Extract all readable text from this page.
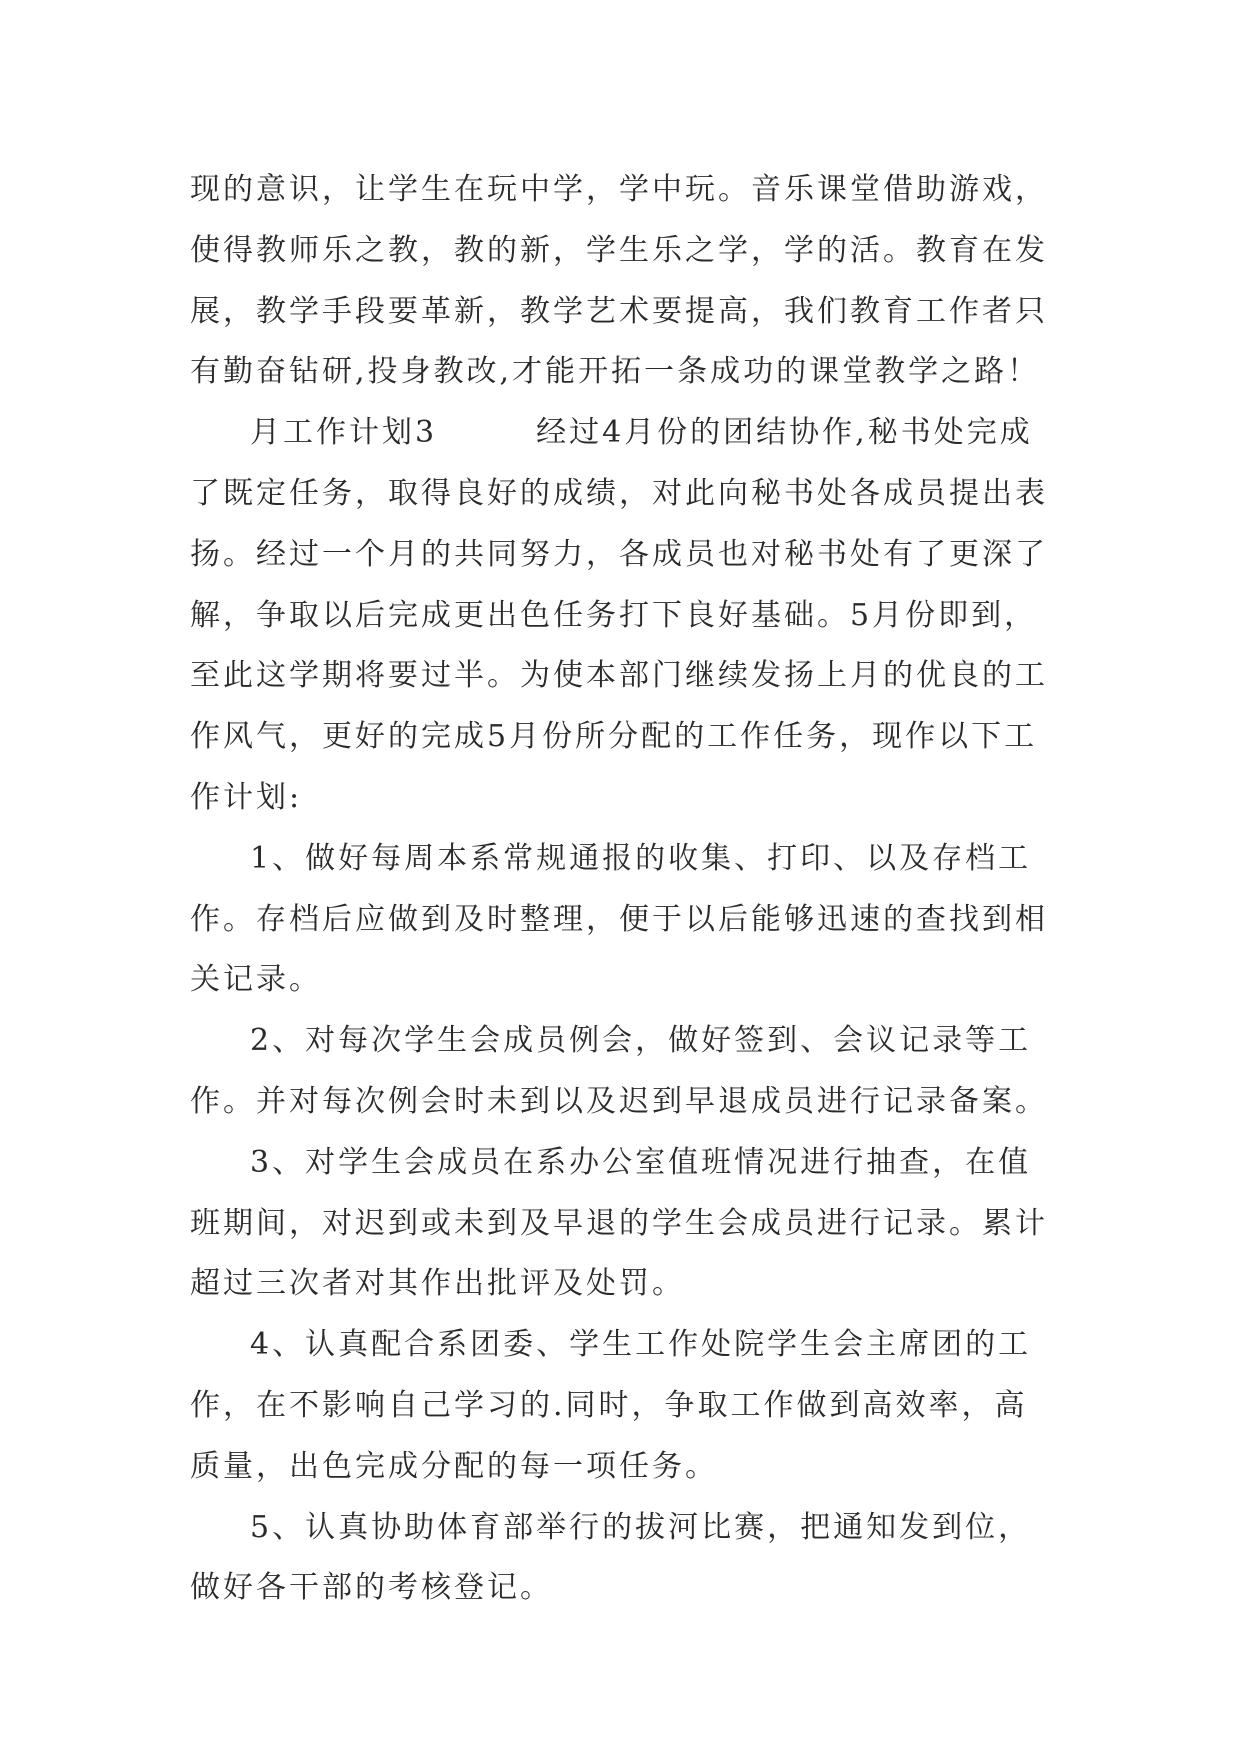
现的意识，让学生在玩中学，学中玩。音乐课堂借助游戏，
使得教师乐之教，教的新，学生乐之学，学的活。教育在发
展，教学手段要革新，教学艺术要提高，我们教育工作者只
有勤奋钻研,投身教改,才能开拓一条成功的课堂教学之路！
月工作计划3　　　经过4月份的团结协作,秘书处完成
了既定任务，取得良好的成绩，对此向秘书处各成员提出表
扬。经过一个月的共同努力，各成员也对秘书处有了更深了
解，争取以后完成更出色任务打下良好基础。5月份即到，
至此这学期将要过半。为使本部门继续发扬上月的优良的工
作风气，更好的完成5月份所分配的工作任务，现作以下工
作计划:
1、做好每周本系常规通报的收集、打印、以及存档工
作。存档后应做到及时整理，便于以后能够迅速的查找到相
关记录。
2、对每次学生会成员例会，做好签到、会议记录等工
作。并对每次例会时未到以及迟到早退成员进行记录备案。
3、对学生会成员在系办公室值班情况进行抽查，在值
班期间，对迟到或未到及早退的学生会成员进行记录。累计
超过三次者对其作出批评及处罚。
4、认真配合系团委、学生工作处院学生会主席团的工
作，在不影响自己学习的.同时，争取工作做到高效率，高
质量，出色完成分配的每一项任务。
5、认真协助体育部举行的拔河比赛，把通知发到位，
做好各干部的考核登记。
